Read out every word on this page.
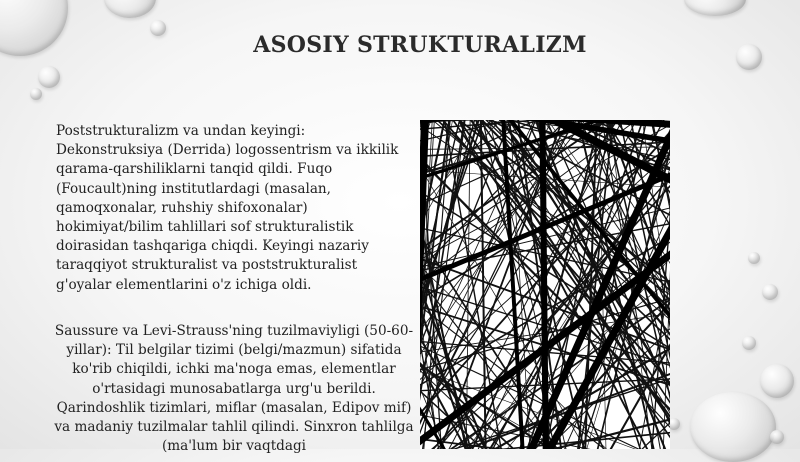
ASOSIY STRUKTURALIZM

Poststrukturalizm va undan keyingi: Dekonstruksiya (Derrida) logossentrism va ikkilik qarama-qarshiliklarni tanqid qildi. Fuqo (Foucault)ning institutlardagi (masalan, qamoqxonalar, ruhshiy shifoxonalar) hokimiyat/bilim tahlillari sof strukturalistik doirasidan tashqariga chiqdi. Keyingi nazariy taraqqiyot strukturalist va poststrukturalist g'oyalar elementlarini o'z ichiga oldi.

Saussure va Levi-Strauss'ning tuzilmaviyligi (50-60-yillar): Til belgilar tizimi (belgi/mazmun) sifatida ko'rib chiqildi, ichki ma'noga emas, elementlar o'rtasidagi munosabatlarga urg'u berildi. Qarindoshlik tizimlari, miflar (masalan, Edipov mif) va madaniy tuzilmalar tahlil qilindi. Sinxron tahlilga (ma'lum bir vaqtdagi
